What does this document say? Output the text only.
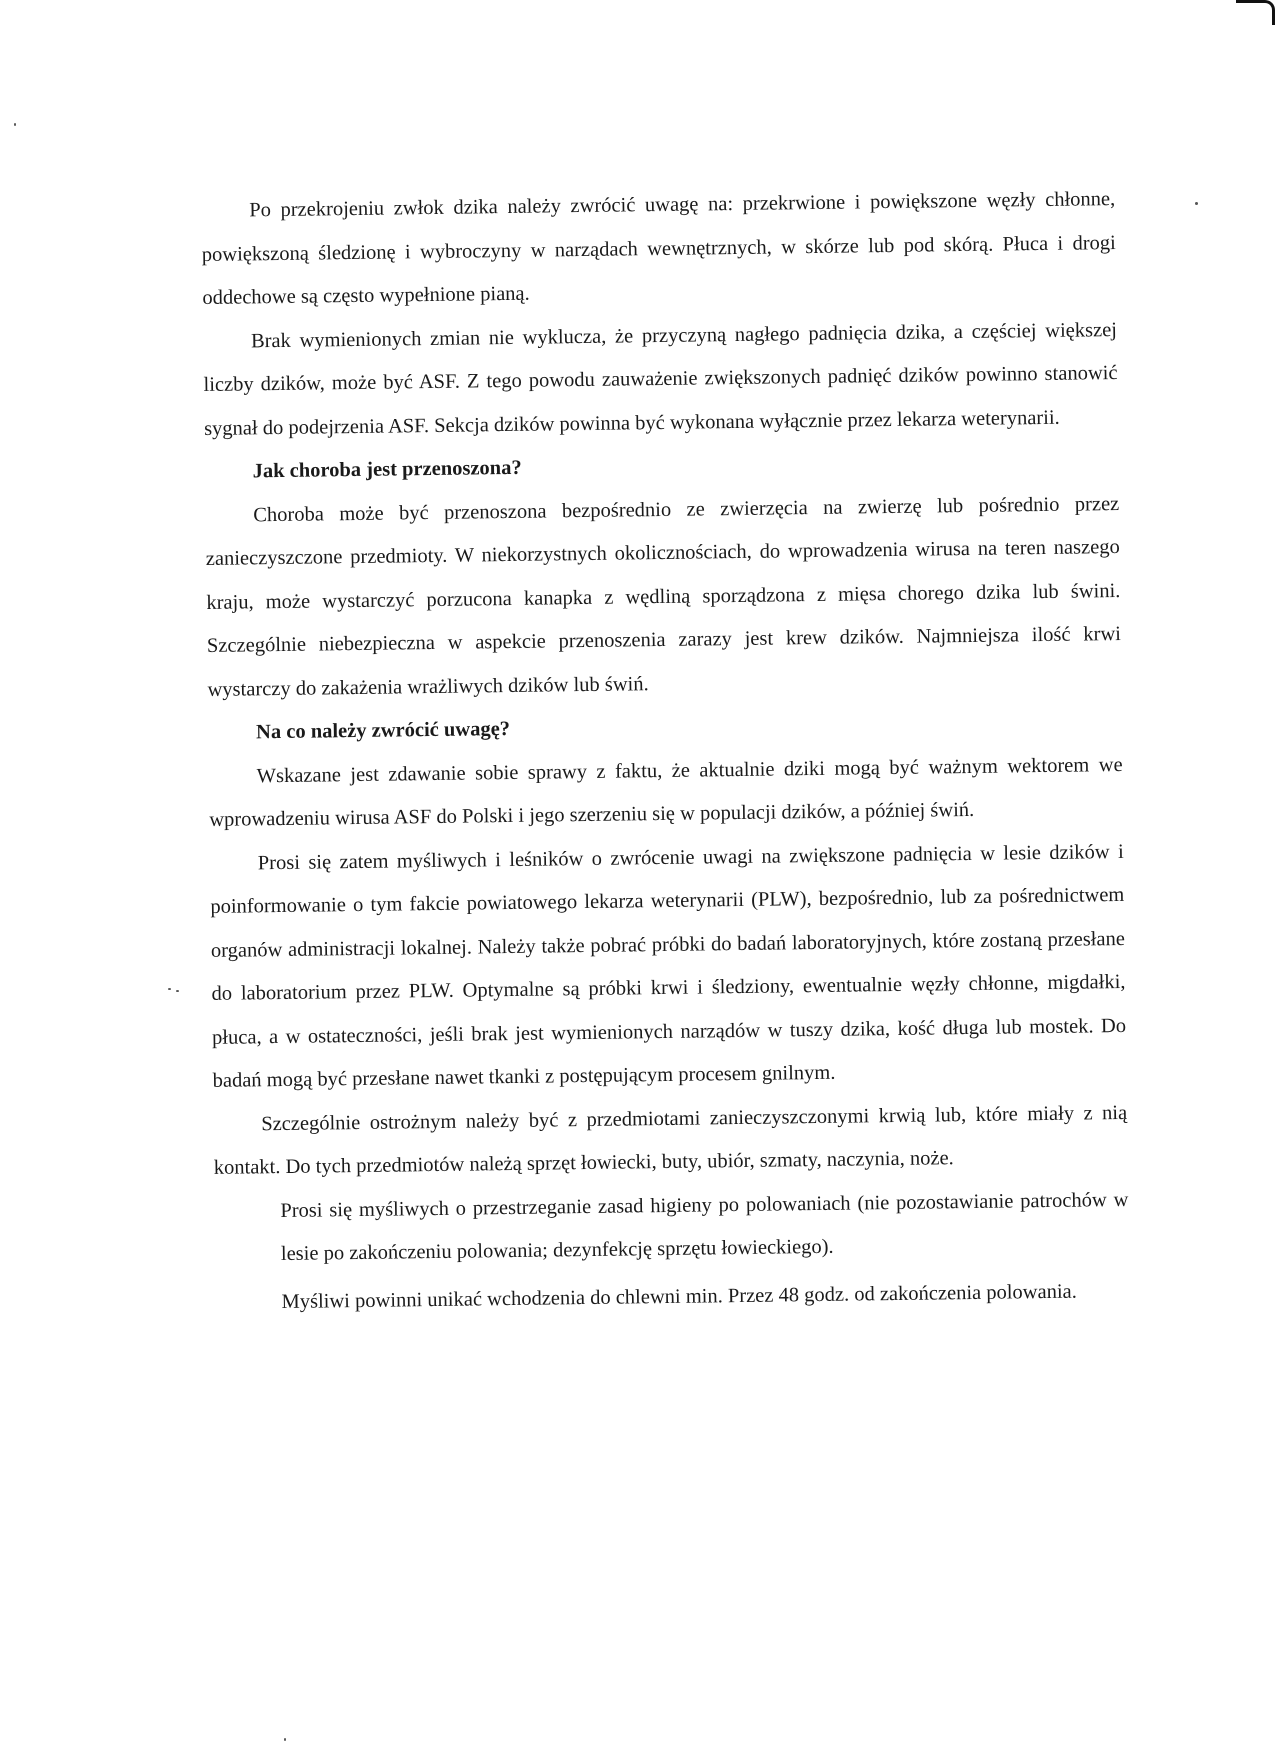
Po przekrojeniu zwłok dzika należy zwrócić uwagę na: przekrwione i powiększone węzły chłonne, powiększoną śledzionę i wybroczyny w narządach wewnętrznych, w skórze lub pod skórą. Płuca i drogi oddechowe są często wypełnione pianą.

Brak wymienionych zmian nie wyklucza, że przyczyną nagłego padnięcia dzika, a częściej większej liczby dzików, może być ASF. Z tego powodu zauważenie zwiększonych padnięć dzików powinno stanowić sygnał do podejrzenia ASF. Sekcja dzików powinna być wykonana wyłącznie przez lekarza weterynarii.

Jak choroba jest przenoszona?

Choroba może być przenoszona bezpośrednio ze zwierzęcia na zwierzę lub pośrednio przez zanieczyszczone przedmioty. W niekorzystnych okolicznościach, do wprowadzenia wirusa na teren naszego kraju, może wystarczyć porzucona kanapka z wędliną sporządzona z mięsa chorego dzika lub świni. Szczególnie niebezpieczna w aspekcie przenoszenia zarazy jest krew dzików. Najmniejsza ilość krwi wystarczy do zakażenia wrażliwych dzików lub świń.

Na co należy zwrócić uwagę?

Wskazane jest zdawanie sobie sprawy z faktu, że aktualnie dziki mogą być ważnym wektorem we wprowadzeniu wirusa ASF do Polski i jego szerzeniu się w populacji dzików, a później świń.

Prosi się zatem myśliwych i leśników o zwrócenie uwagi na zwiększone padnięcia w lesie dzików i poinformowanie o tym fakcie powiatowego lekarza weterynarii (PLW), bezpośrednio, lub za pośrednictwem organów administracji lokalnej. Należy także pobrać próbki do badań laboratoryjnych, które zostaną przesłane do laboratorium przez PLW. Optymalne są próbki krwi i śledziony, ewentualnie węzły chłonne, migdałki, płuca, a w ostateczności, jeśli brak jest wymienionych narządów w tuszy dzika, kość długa lub mostek. Do badań mogą być przesłane nawet tkanki z postępującym procesem gnilnym.

Szczególnie ostrożnym należy być z przedmiotami zanieczyszczonymi krwią lub, które miały z nią kontakt. Do tych przedmiotów należą sprzęt łowiecki, buty, ubiór, szmaty, naczynia, noże.

Prosi się myśliwych o przestrzeganie zasad higieny po polowaniach (nie pozostawianie patrochów w lesie po zakończeniu polowania; dezynfekcję sprzętu łowieckiego).

Myśliwi powinni unikać wchodzenia do chlewni min. Przez 48 godz. od zakończenia polowania.
